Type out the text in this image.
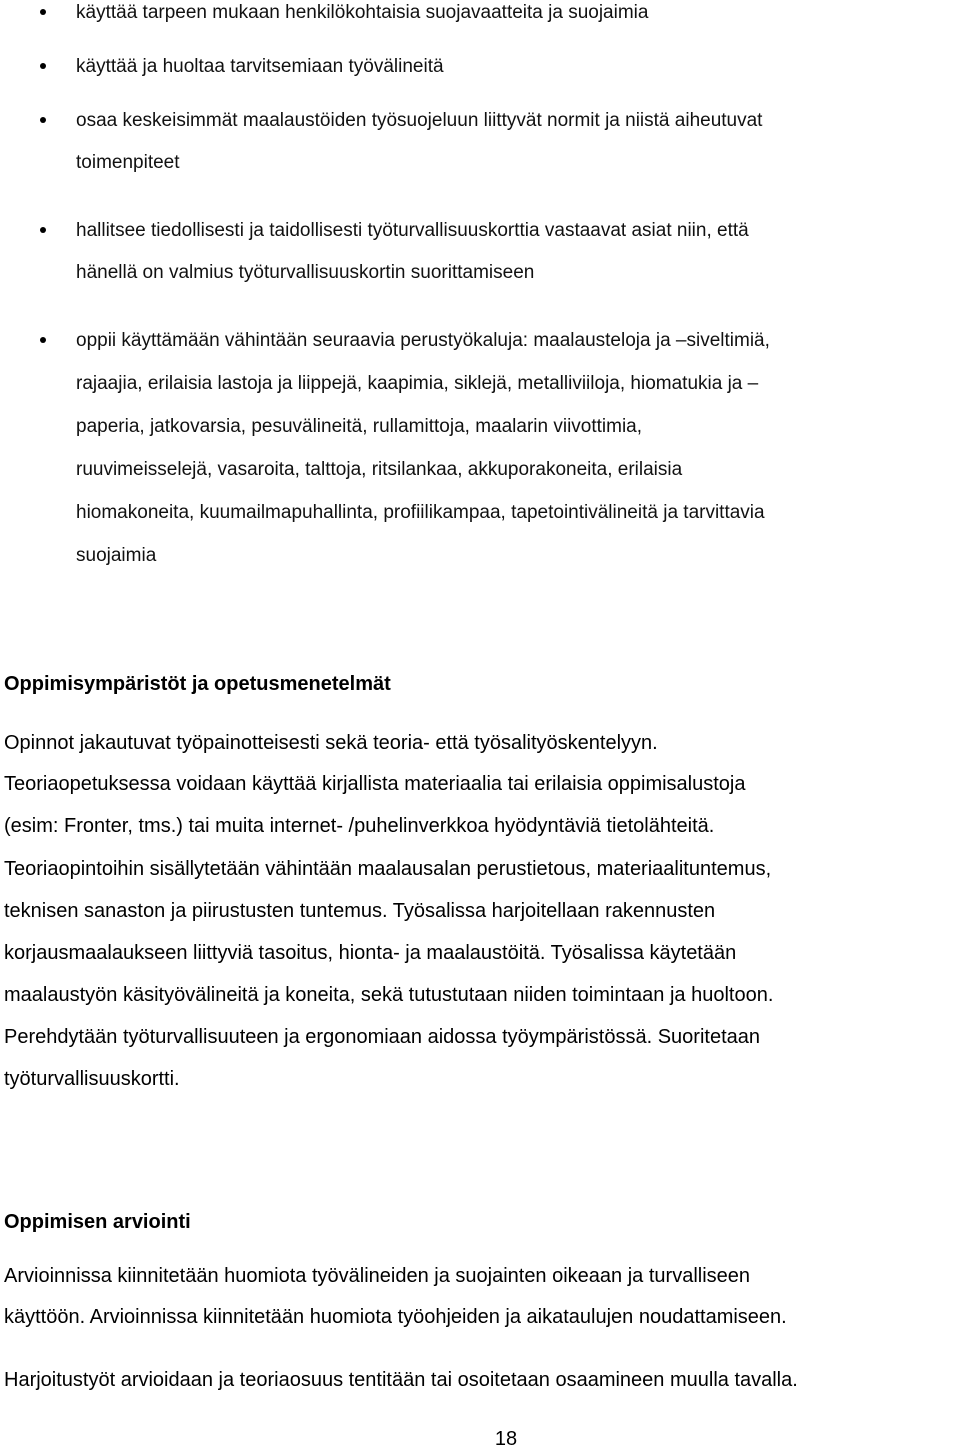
käyttää tarpeen mukaan henkilökohtaisia suojavaatteita ja suojaimia
käyttää ja huoltaa tarvitsemiaan työvälineitä
osaa keskeisimmät maalaustöiden työsuojeluun liittyvät normit ja niistä aiheutuvat
toimenpiteet
hallitsee tiedollisesti ja taidollisesti työturvallisuuskorttia vastaavat asiat niin, että
hänellä on valmius työturvallisuuskortin suorittamiseen
oppii käyttämään vähintään seuraavia perustyökaluja: maalausteloja ja –siveltimiä,
rajaajia, erilaisia lastoja ja liippejä, kaapimia, siklejä, metalliviiloja, hiomatukia ja –
paperia, jatkovarsia, pesuvälineitä, rullamittoja, maalarin viivottimia,
ruuvimeisselejä, vasaroita, talttoja, ritsilankaa, akkuporakoneita, erilaisia
hiomakoneita, kuumailmapuhallinta, profiilikampaa, tapetointivälineitä ja tarvittavia
suojaimia
Oppimisympäristöt ja opetusmenetelmät
Opinnot jakautuvat työpainotteisesti sekä teoria- että työsalityöskentelyyn.
Teoriaopetuksessa voidaan käyttää kirjallista materiaalia tai erilaisia oppimisalustoja
(esim: Fronter, tms.) tai muita internet- /puhelinverkkoa hyödyntäviä tietolähteitä.
Teoriaopintoihin sisällytetään vähintään maalausalan perustietous, materiaalituntemus,
teknisen sanaston ja piirustusten tuntemus. Työsalissa harjoitellaan rakennusten
korjausmaalaukseen liittyviä tasoitus, hionta- ja maalaustöitä. Työsalissa käytetään
maalaustyön käsityövälineitä ja koneita, sekä tutustutaan niiden toimintaan ja huoltoon.
Perehdytään työturvallisuuteen ja ergonomiaan aidossa työympäristössä. Suoritetaan
työturvallisuuskortti.
Oppimisen arviointi
Arvioinnissa kiinnitetään huomiota työvälineiden ja suojainten oikeaan ja turvalliseen
käyttöön. Arvioinnissa kiinnitetään huomiota työohjeiden ja aikataulujen noudattamiseen.
Harjoitustyöt arvioidaan ja teoriaosuus tentitään tai osoitetaan osaamineen muulla tavalla.
18
